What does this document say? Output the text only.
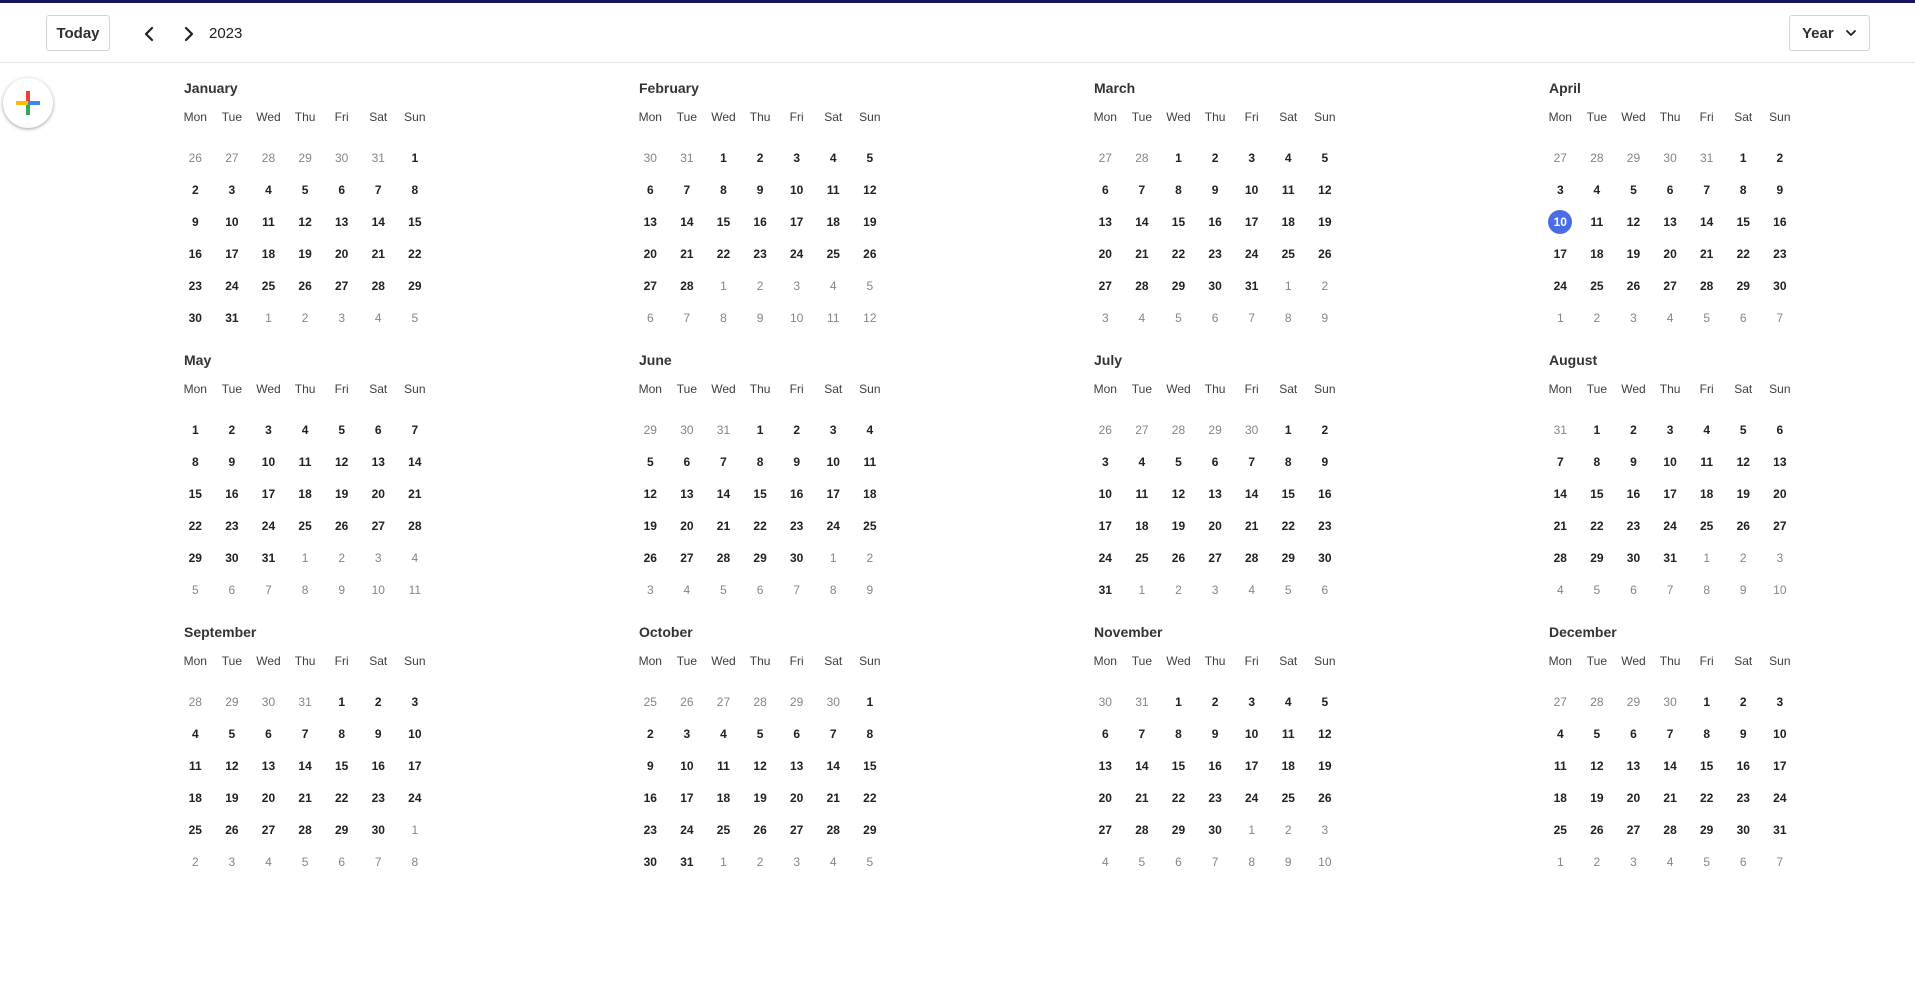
Today	2023	Year
January
Mon	Tue	Wed	Thu	Fri	Sat	Sun
26	27	28	29	30	31	1
2	3	4	5	6	7	8
9	10	11	12	13	14	15
16	17	18	19	20	21	22
23	24	25	26	27	28	29
30	31	1	2	3	4	5
February
Mon	Tue	Wed	Thu	Fri	Sat	Sun
30	31	1	2	3	4	5
6	7	8	9	10	11	12
13	14	15	16	17	18	19
20	21	22	23	24	25	26
27	28	1	2	3	4	5
6	7	8	9	10	11	12
March
Mon	Tue	Wed	Thu	Fri	Sat	Sun
27	28	1	2	3	4	5
6	7	8	9	10	11	12
13	14	15	16	17	18	19
20	21	22	23	24	25	26
27	28	29	30	31	1	2
3	4	5	6	7	8	9
April
Mon	Tue	Wed	Thu	Fri	Sat	Sun
27	28	29	30	31	1	2
3	4	5	6	7	8	9
10	11	12	13	14	15	16
17	18	19	20	21	22	23
24	25	26	27	28	29	30
1	2	3	4	5	6	7
May
Mon	Tue	Wed	Thu	Fri	Sat	Sun
1	2	3	4	5	6	7
8	9	10	11	12	13	14
15	16	17	18	19	20	21
22	23	24	25	26	27	28
29	30	31	1	2	3	4
5	6	7	8	9	10	11
June
Mon	Tue	Wed	Thu	Fri	Sat	Sun
29	30	31	1	2	3	4
5	6	7	8	9	10	11
12	13	14	15	16	17	18
19	20	21	22	23	24	25
26	27	28	29	30	1	2
3	4	5	6	7	8	9
July
Mon	Tue	Wed	Thu	Fri	Sat	Sun
26	27	28	29	30	1	2
3	4	5	6	7	8	9
10	11	12	13	14	15	16
17	18	19	20	21	22	23
24	25	26	27	28	29	30
31	1	2	3	4	5	6
August
Mon	Tue	Wed	Thu	Fri	Sat	Sun
31	1	2	3	4	5	6
7	8	9	10	11	12	13
14	15	16	17	18	19	20
21	22	23	24	25	26	27
28	29	30	31	1	2	3
4	5	6	7	8	9	10
September
Mon	Tue	Wed	Thu	Fri	Sat	Sun
28	29	30	31	1	2	3
4	5	6	7	8	9	10
11	12	13	14	15	16	17
18	19	20	21	22	23	24
25	26	27	28	29	30	1
2	3	4	5	6	7	8
October
Mon	Tue	Wed	Thu	Fri	Sat	Sun
25	26	27	28	29	30	1
2	3	4	5	6	7	8
9	10	11	12	13	14	15
16	17	18	19	20	21	22
23	24	25	26	27	28	29
30	31	1	2	3	4	5
November
Mon	Tue	Wed	Thu	Fri	Sat	Sun
30	31	1	2	3	4	5
6	7	8	9	10	11	12
13	14	15	16	17	18	19
20	21	22	23	24	25	26
27	28	29	30	1	2	3
4	5	6	7	8	9	10
December
Mon	Tue	Wed	Thu	Fri	Sat	Sun
27	28	29	30	1	2	3
4	5	6	7	8	9	10
11	12	13	14	15	16	17
18	19	20	21	22	23	24
25	26	27	28	29	30	31
1	2	3	4	5	6	7
